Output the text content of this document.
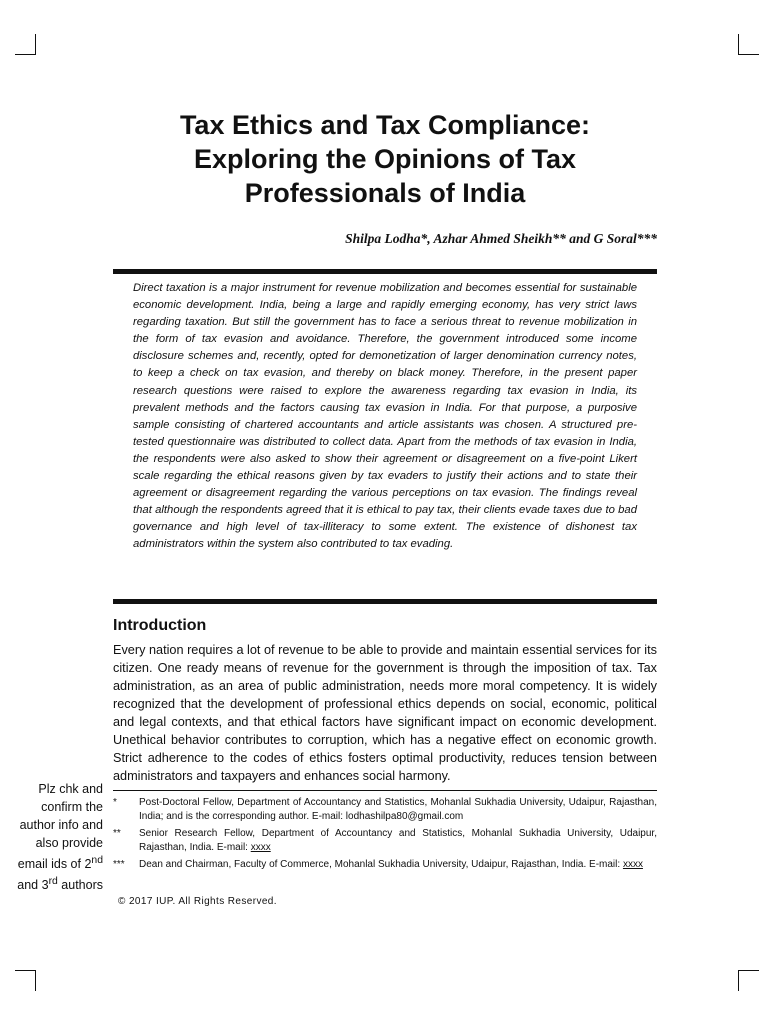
Tax Ethics and Tax Compliance:
Exploring the Opinions of Tax
Professionals of India
Shilpa Lodha*, Azhar Ahmed Sheikh** and G Soral***

Direct taxation is a major instrument for revenue mobilization and becomes essential for sustainable economic development. India, being a large and rapidly emerging economy, has very strict laws regarding taxation. But still the government has to face a serious threat to revenue mobilization in the form of tax evasion and avoidance. Therefore, the government introduced some income disclosure schemes and, recently, opted for demonetization of larger denomination currency notes, to keep a check on tax evasion, and thereby on black money. Therefore, in the present paper research questions were raised to explore the awareness regarding tax evasion in India, its prevalent methods and the factors causing tax evasion in India. For that purpose, a purposive sample consisting of chartered accountants and article assistants was chosen. A structured pre-tested questionnaire was distributed to collect data. Apart from the methods of tax evasion in India, the respondents were also asked to show their agreement or disagreement on a five-point Likert scale regarding the ethical reasons given by tax evaders to justify their actions and to state their agreement or disagreement regarding the various perceptions on tax evasion. The findings reveal that although the respondents agreed that it is ethical to pay tax, their clients evade taxes due to bad governance and high level of tax-illiteracy to some extent. The existence of dishonest tax administrators within the system also contributed to tax evading.

Introduction

Every nation requires a lot of revenue to be able to provide and maintain essential services for its citizen. One ready means of revenue for the government is through the imposition of tax. Tax administration, as an area of public administration, needs more moral competency. It is widely recognized that the development of professional ethics depends on social, economic, political and legal contexts, and that ethical factors have significant impact on economic development. Unethical behavior contributes to corruption, which has a negative effect on economic growth. Strict adherence to the codes of ethics fosters optimal productivity, reduces tension between administrators and taxpayers and enhances social harmony.

*	Post-Doctoral Fellow, Department of Accountancy and Statistics, Mohanlal Sukhadia University, Udaipur, Rajasthan, India; and is the corresponding author. E-mail: lodhashilpa80@gmail.com
**	Senior Research Fellow, Department of Accountancy and Statistics, Mohanlal Sukhadia University, Udaipur, Rajasthan, India. E-mail: xxxx
***	Dean and Chairman, Faculty of Commerce, Mohanlal Sukhadia University, Udaipur, Rajasthan, India. E-mail: xxxx
© 2017 IUP. All Rights Reserved.
Plz chk and
confirm the
author info and
also provide
email ids of 2nd
and 3rd authors
